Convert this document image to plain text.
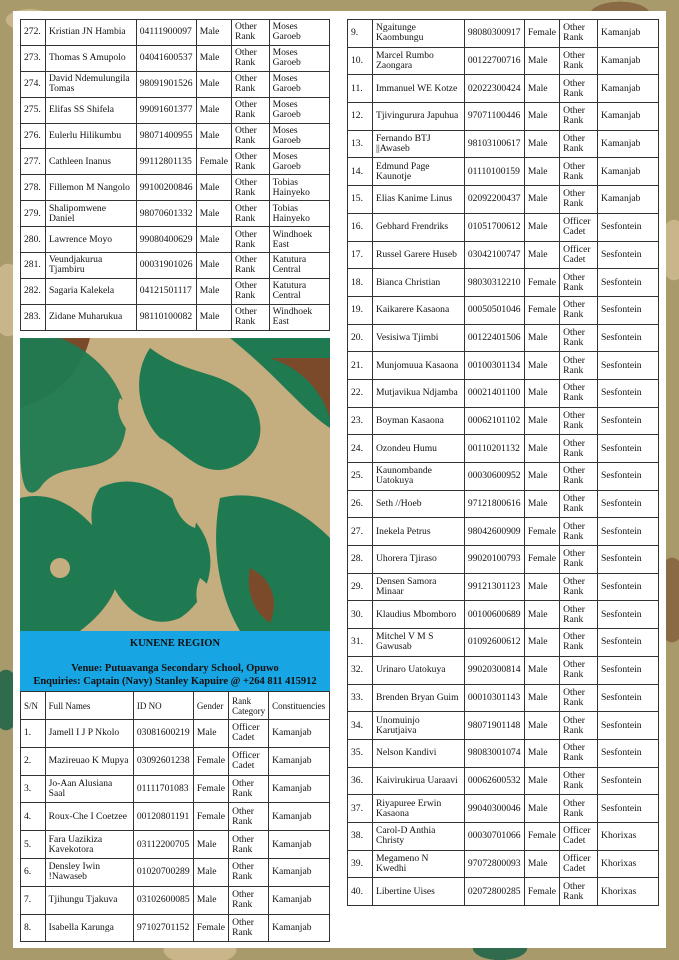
272.	Kristian JN Hambia	04111900097	Male	Other Rank	Moses Garoeb
273.	Thomas S Amupolo	04041600537	Male	Other Rank	Moses Garoeb
274.	David Ndemulungila Tomas	98091901526	Male	Other Rank	Moses Garoeb
275.	Elifas SS Shifela	99091601377	Male	Other Rank	Moses Garoeb
276.	Eulerlu Hilikumbu	98071400955	Male	Other Rank	Moses Garoeb
277.	Cathleen Inanus	99112801135	Female	Other Rank	Moses Garoeb
278.	Fillemon M Nangolo	99100200846	Male	Other Rank	Tobias Hainyeko
279.	Shalipomwene Daniel	98070601332	Male	Other Rank	Tobias Hainyeko
280.	Lawrence Moyo	99080400629	Male	Other Rank	Windhoek East
281.	Veundjakurua Tjambiru	00031901026	Male	Other Rank	Katutura Central
282.	Sagaria Kalekela	04121501117	Male	Other Rank	Katutura Central
283.	Zidane Muharukua	98110100082	Male	Other Rank	Windhoek East
KUNENE REGION
Venue: Putuavanga Secondary School, Opuwo
Enquiries: Captain (Navy) Stanley Kapuire @ +264 811 415912
S/N	Full Names	ID NO	Gender	Rank Category	Constituencies
1.	Jamell I J P Nkolo	03081600219	Male	Officer Cadet	Kamanjab
2.	Mazireuao K Mupya	03092601238	Female	Officer Cadet	Kamanjab
3.	Jo-Aan Alusiana Saal	01111701083	Female	Other Rank	Kamanjab
4.	Roux-Che I Coetzee	00120801191	Female	Other Rank	Kamanjab
5.	Fara Uazikiza Kavekotora	03112200705	Male	Other Rank	Kamanjab
6.	Densley Iwin !Nawaseb	01020700289	Male	Other Rank	Kamanjab
7.	Tjihungu Tjakuva	03102600085	Male	Other Rank	Kamanjab
8.	Isabella Karunga	97102701152	Female	Other Rank	Kamanjab
9.	Ngaitunge Kaombungu	98080300917	Female	Other Rank	Kamanjab
10.	Marcel Rumbo Zaongara	00122700716	Male	Other Rank	Kamanjab
11.	Immanuel WE Kotze	02022300424	Male	Other Rank	Kamanjab
12.	Tjivingurura Japuhua	97071100446	Male	Other Rank	Kamanjab
13.	Fernando BTJ ||Awaseb	98103100617	Male	Other Rank	Kamanjab
14.	Edmund Page Kaunotje	01110100159	Male	Other Rank	Kamanjab
15.	Elias Kanime Linus	02092200437	Male	Other Rank	Kamanjab
16.	Gebhard Frendriks	01051700612	Male	Officer Cadet	Sesfontein
17.	Russel Garere Huseb	03042100747	Male	Officer Cadet	Sesfontein
18.	Bianca Christian	98030312210	Female	Other Rank	Sesfontein
19.	Kaikarere Kasaona	00050501046	Female	Other Rank	Sesfontein
20.	Vesisiwa Tjimbi	00122401506	Male	Other Rank	Sesfontein
21.	Munjomuua Kasaona	00100301134	Male	Other Rank	Sesfontein
22.	Mutjavikua Ndjamba	00021401100	Male	Other Rank	Sesfontein
23.	Boyman Kasaona	00062101102	Male	Other Rank	Sesfontein
24.	Ozondeu Humu	00110201132	Male	Other Rank	Sesfontein
25.	Kaunombande Uatokuya	00030600952	Male	Other Rank	Sesfontein
26.	Seth //Hoeb	97121800616	Male	Other Rank	Sesfontein
27.	Inekela Petrus	98042600909	Female	Other Rank	Sesfontein
28.	Uhorera Tjiraso	99020100793	Female	Other Rank	Sesfontein
29.	Densen Samora Minaar	99121301123	Male	Other Rank	Sesfontein
30.	Klaudius Mbomboro	00100600689	Male	Other Rank	Sesfontein
31.	Mitchel V M S Gawusab	01092600612	Male	Other Rank	Sesfontein
32.	Urinaro Uatokuya	99020300814	Male	Other Rank	Sesfontein
33.	Brenden Bryan Guim	00010301143	Male	Other Rank	Sesfontein
34.	Unomuinjo Karutjaiva	98071901148	Male	Other Rank	Sesfontein
35.	Nelson Kandivi	98083001074	Male	Other Rank	Sesfontein
36.	Kaivirukirua Uaraavi	00062600532	Male	Other Rank	Sesfontein
37.	Riyapuree Erwin Kasaona	99040300046	Male	Other Rank	Sesfontein
38.	Carol-D Anthia Christy	00030701066	Female	Officer Cadet	Khorixas
39.	Megameno N Kwedhi	97072800093	Male	Officer Cadet	Khorixas
40.	Libertine Uises	02072800285	Female	Other Rank	Khorixas
